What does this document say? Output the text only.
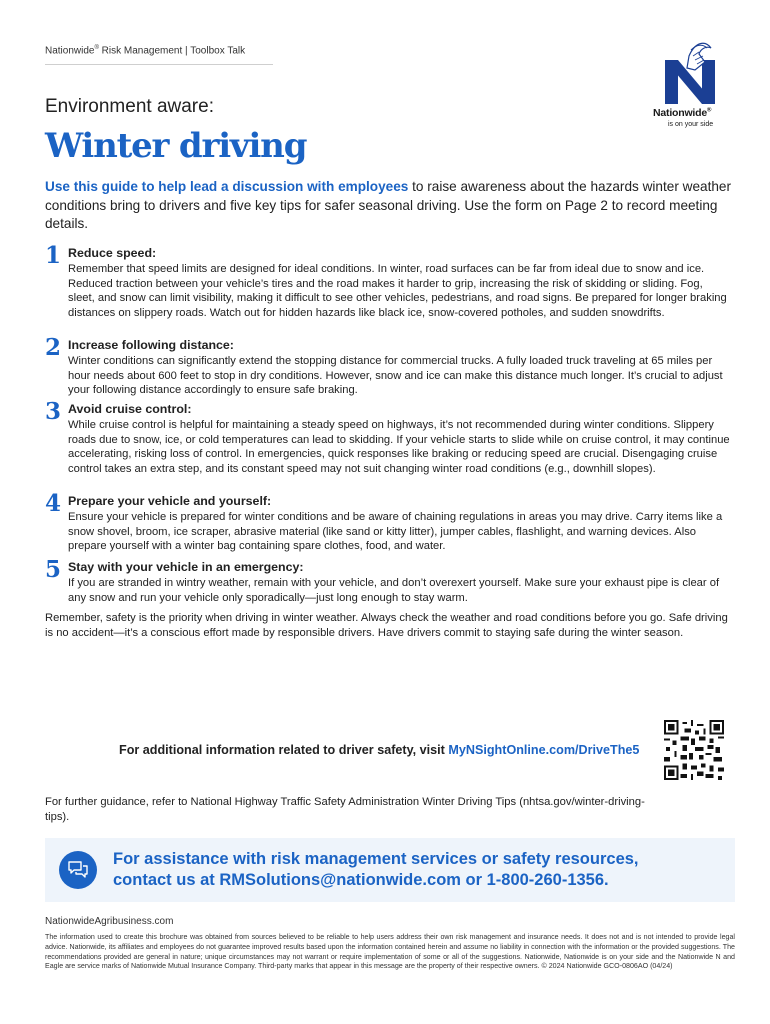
Nationwide® Risk Management | Toolbox Talk
Nationwide®
is on your side
Environment aware:
Winter driving
Use this guide to help lead a discussion with employees to raise awareness about the hazards winter weather conditions bring to drivers and five key tips for safer seasonal driving. Use the form on Page 2 to record meeting details.
1 Reduce speed:
Remember that speed limits are designed for ideal conditions. In winter, road surfaces can be far from ideal due to snow and ice. Reduced traction between your vehicle’s tires and the road makes it harder to grip, increasing the risk of skidding or sliding. Fog, sleet, and snow can limit visibility, making it difficult to see other vehicles, pedestrians, and road signs. Be prepared for longer braking distances on slippery roads. Watch out for hidden hazards like black ice, snow-covered potholes, and sudden snowdrifts.
2 Increase following distance:
Winter conditions can significantly extend the stopping distance for commercial trucks. A fully loaded truck traveling at 65 miles per hour needs about 600 feet to stop in dry conditions. However, snow and ice can make this distance much longer. It’s crucial to adjust your following distance accordingly to ensure safe braking.
3 Avoid cruise control:
While cruise control is helpful for maintaining a steady speed on highways, it’s not recommended during winter conditions. Slippery roads due to snow, ice, or cold temperatures can lead to skidding. If your vehicle starts to slide while on cruise control, it may continue accelerating, risking loss of control. In emergencies, quick responses like braking or reducing speed are crucial. Disengaging cruise control takes an extra step, and its constant speed may not suit changing winter road conditions (e.g., downhill slopes).
4 Prepare your vehicle and yourself:
Ensure your vehicle is prepared for winter conditions and be aware of chaining regulations in areas you may drive. Carry items like a snow shovel, broom, ice scraper, abrasive material (like sand or kitty litter), jumper cables, flashlight, and warning devices. Also prepare yourself with a winter bag containing spare clothes, food, and water.
5 Stay with your vehicle in an emergency:
If you are stranded in wintry weather, remain with your vehicle, and don’t overexert yourself. Make sure your exhaust pipe is clear of any snow and run your vehicle only sporadically—just long enough to stay warm.
Remember, safety is the priority when driving in winter weather. Always check the weather and road conditions before you go. Safe driving is no accident—it’s a conscious effort made by responsible drivers. Have drivers commit to staying safe during the winter season.
For additional information related to driver safety, visit MyNSightOnline.com/DriveThe5
For further guidance, refer to National Highway Traffic Safety Administration Winter Driving Tips (nhtsa.gov/winter-driving-tips).
For assistance with risk management services or safety resources,
contact us at RMSolutions@nationwide.com or 1-800-260-1356.
NationwideAgribusiness.com
The information used to create this brochure was obtained from sources believed to be reliable to help users address their own risk management and insurance needs. It does not and is not intended to provide legal advice. Nationwide, its affiliates and employees do not guarantee improved results based upon the information contained herein and assume no liability in connection with the information or the provided suggestions. The recommendations provided are general in nature; unique circumstances may not warrant or require implementation of some or all of the suggestions. Nationwide, Nationwide is on your side and the Nationwide N and Eagle are service marks of Nationwide Mutual Insurance Company. Third-party marks that appear in this message are the property of their respective owners. © 2024 Nationwide GCO-0806AO (04/24)
